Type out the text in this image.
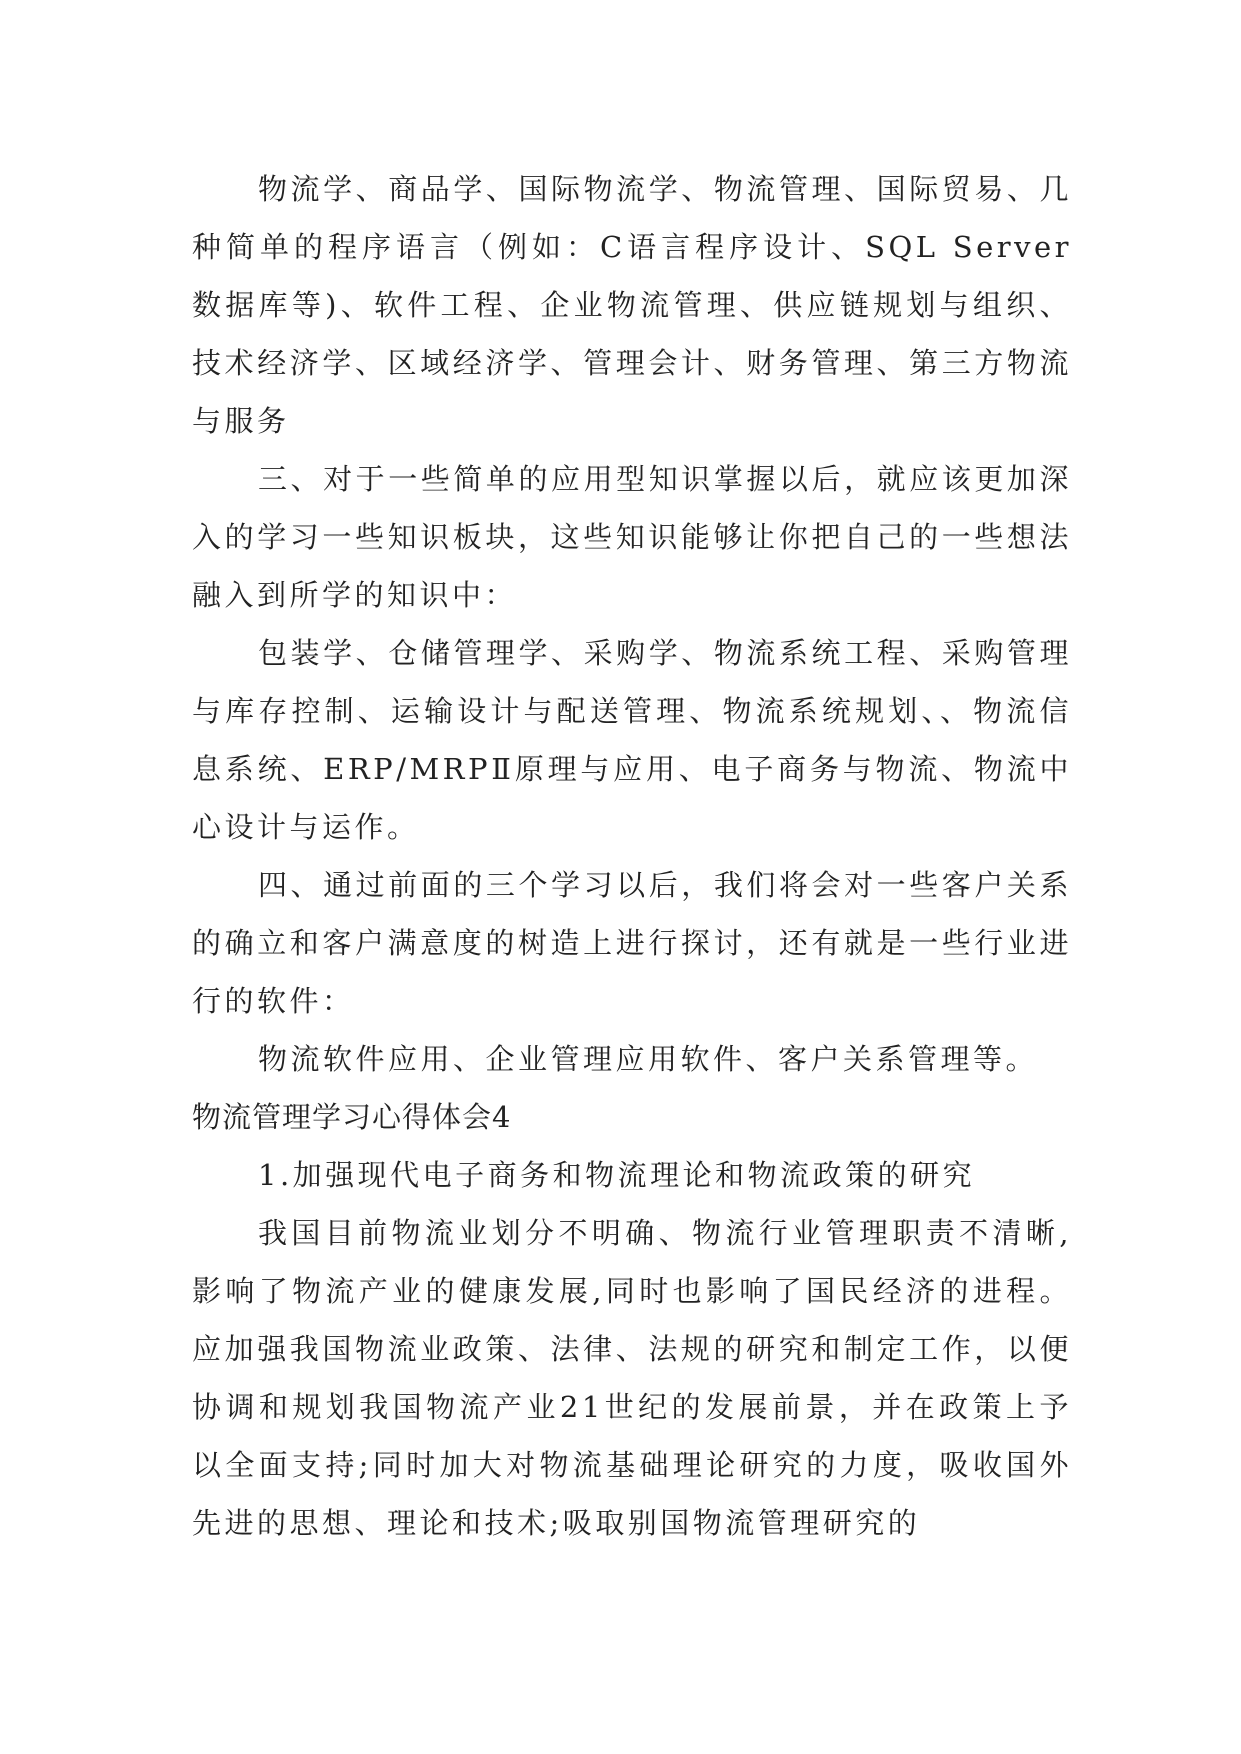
物流学、商品学、国际物流学、物流管理、国际贸易、几种简单的程序语言（例如：C语言程序设计、SQL Server数据库等)、软件工程、企业物流管理、供应链规划与组织、技术经济学、区域经济学、管理会计、财务管理、第三方物流与服务

三、对于一些简单的应用型知识掌握以后，就应该更加深入的学习一些知识板块，这些知识能够让你把自己的一些想法融入到所学的知识中：

包装学、仓储管理学、采购学、物流系统工程、采购管理与库存控制、运输设计与配送管理、物流系统规划、、物流信息系统、ERP/MRPⅡ原理与应用、电子商务与物流、物流中心设计与运作。

四、通过前面的三个学习以后，我们将会对一些客户关系的确立和客户满意度的树造上进行探讨，还有就是一些行业进行的软件：

物流软件应用、企业管理应用软件、客户关系管理等。

物流管理学习心得体会4

1.加强现代电子商务和物流理论和物流政策的研究

我国目前物流业划分不明确、物流行业管理职责不清晰,影响了物流产业的健康发展,同时也影响了国民经济的进程。应加强我国物流业政策、法律、法规的研究和制定工作，以便协调和规划我国物流产业21世纪的发展前景，并在政策上予以全面支持;同时加大对物流基础理论研究的力度，吸收国外先进的思想、理论和技术;吸取别国物流管理研究的
